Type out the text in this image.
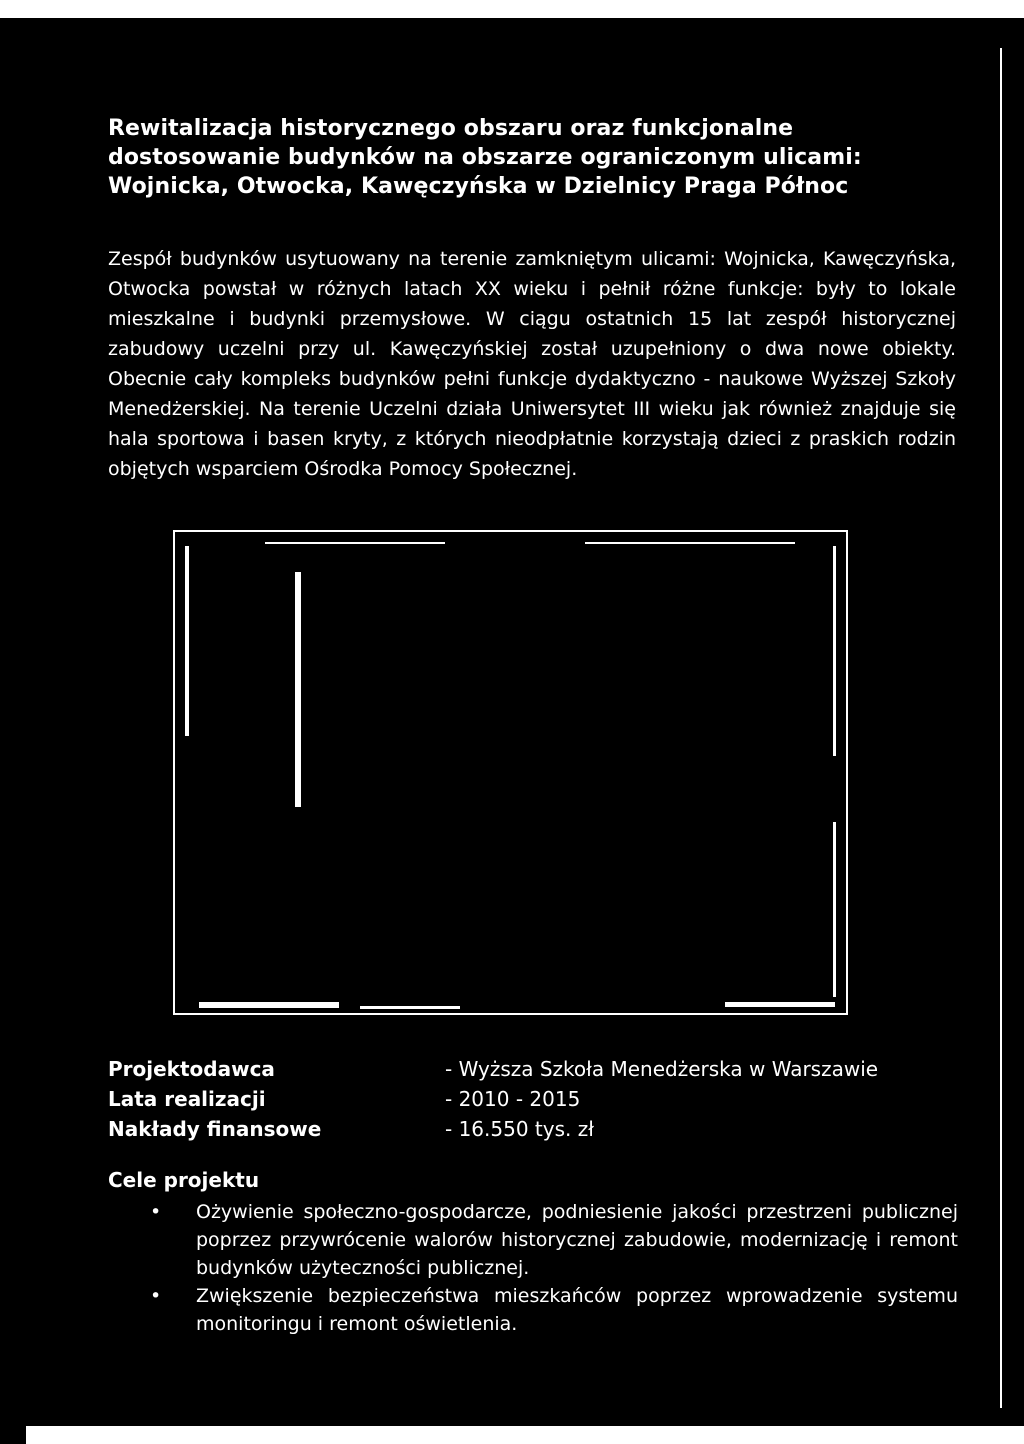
Rewitalizacja historycznego obszaru oraz funkcjonalne dostosowanie budynków na obszarze ograniczonym ulicami: Wojnicka, Otwocka, Kawęczyńska w Dzielnicy Praga Północ
Zespół budynków usytuowany na terenie zamkniętym ulicami: Wojnicka, Kawęczyńska, Otwocka powstał w różnych latach XX wieku i pełnił różne funkcje: były to lokale mieszkalne i budynki przemysłowe. W ciągu ostatnich 15 lat zespół historycznej zabudowy uczelni przy ul. Kawęczyńskiej został uzupełniony o dwa nowe obiekty. Obecnie cały kompleks budynków pełni funkcje dydaktyczno - naukowe Wyższej Szkoły Menedżerskiej. Na terenie Uczelni działa Uniwersytet III wieku jak również znajduje się hala sportowa i basen kryty, z których nieodpłatnie korzystają dzieci z praskich rodzin objętych wsparciem Ośrodka Pomocy Społecznej.
Projektodawca	- Wyższa Szkoła Menedżerska w Warszawie
Lata realizacji	- 2010 - 2015
Nakłady finansowe	- 16.550 tys. zł
Cele projektu
• Ożywienie społeczno-gospodarcze, podniesienie jakości przestrzeni publicznej poprzez przywrócenie walorów historycznej zabudowie, modernizację i remont budynków użyteczności publicznej.
• Zwiększenie bezpieczeństwa mieszkańców poprzez wprowadzenie systemu monitoringu i remont oświetlenia.
